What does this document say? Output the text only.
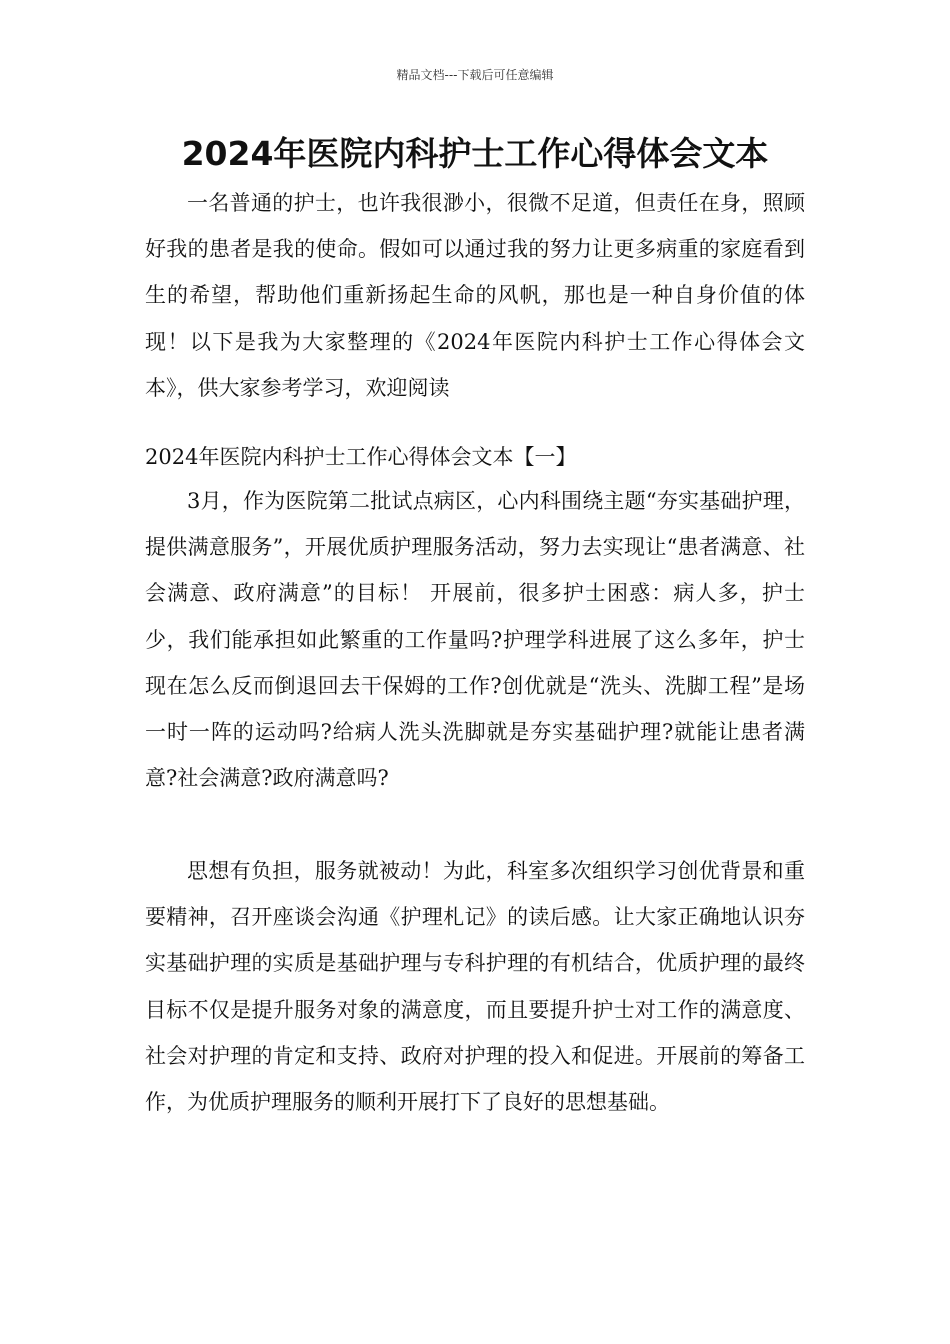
精品文档---下载后可任意编辑
2024年医院内科护士工作心得体会文本

一名普通的护士，也许我很渺小，很微不足道，但责任在身，照顾好我的患者是我的使命。假如可以通过我的努力让更多病重的家庭看到生的希望，帮助他们重新扬起生命的风帆，那也是一种自身价值的体现！以下是我为大家整理的《2024年医院内科护士工作心得体会文本》，供大家参考学习，欢迎阅读

2024年医院内科护士工作心得体会文本【一】

3月，作为医院第二批试点病区，心内科围绕主题“夯实基础护理，提供满意服务”，开展优质护理服务活动，努力去实现让“患者满意、社会满意、政府满意”的目标！ 开展前，很多护士困惑：病人多，护士少，我们能承担如此繁重的工作量吗?护理学科进展了这么多年，护士现在怎么反而倒退回去干保姆的工作?创优就是“洗头、洗脚工程”是场一时一阵的运动吗?给病人洗头洗脚就是夯实基础护理?就能让患者满意?社会满意?政府满意吗?

思想有负担，服务就被动！为此，科室多次组织学习创优背景和重要精神，召开座谈会沟通《护理札记》的读后感。让大家正确地认识夯实基础护理的实质是基础护理与专科护理的有机结合，优质护理的最终目标不仅是提升服务对象的满意度，而且要提升护士对工作的满意度、社会对护理的肯定和支持、政府对护理的投入和促进。开展前的筹备工作，为优质护理服务的顺利开展打下了良好的思想基础。
